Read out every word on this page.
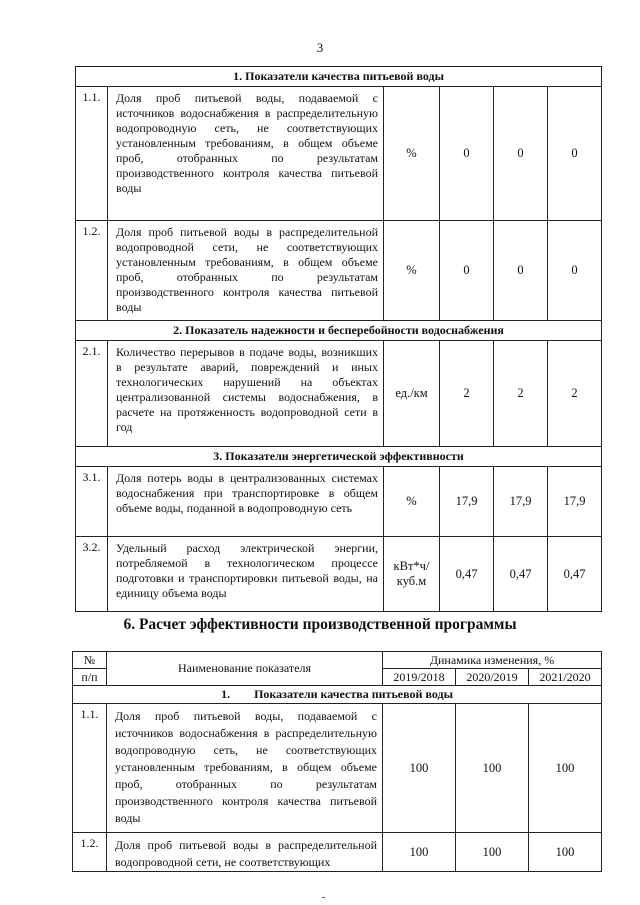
3
1. Показатели качества питьевой воды					
1.1.	Доля проб питьевой воды, подаваемой с источников водоснабжения в распределительную водопроводную сеть, не соответствующих установленным требованиям, в общем объеме проб, отобранных по результатам производственного контроля качества питьевой воды	%	0	0	0
1.2.	Доля проб питьевой воды в распределительной водопроводной сети, не соответствующих установленным требованиям, в общем объеме проб, отобранных по результатам производственного контроля качества питьевой воды	%	0	0	0
2. Показатель надежности и бесперебойности водоснабжения					
2.1.	Количество перерывов в подаче воды, возникших в результате аварий, повреждений и иных технологических нарушений на объектах централизованной системы водоснабжения, в расчете на протяженность водопроводной сети в год	ед./км	2	2	2
3. Показатели энергетической эффективности					
3.1.	Доля потерь воды в централизованных системах водоснабжения при транспортировке в общем объеме воды, поданной в водопроводную сеть	%	17,9	17,9	17,9
3.2.	Удельный расход электрической энергии, потребляемой в технологическом процессе подготовки и транспортировки питьевой воды, на единицу объема воды	кВт*ч/ куб.м	0,47	0,47	0,47
6. Расчет эффективности производственной программы
№	Наименование показателя	Динамика изменения, %		
п/п		2019/2018	2020/2019	2021/2020
1. Показатели качества питьевой воды				
1.1.	Доля проб питьевой воды, подаваемой с источников водоснабжения в распределительную водопроводную сеть, не соответствующих установленным требованиям, в общем объеме проб, отобранных по результатам производственного контроля качества питьевой воды	100	100	100
1.2.	Доля проб питьевой воды в распределительной водопроводной сети, не соответствующих	100	100	100
